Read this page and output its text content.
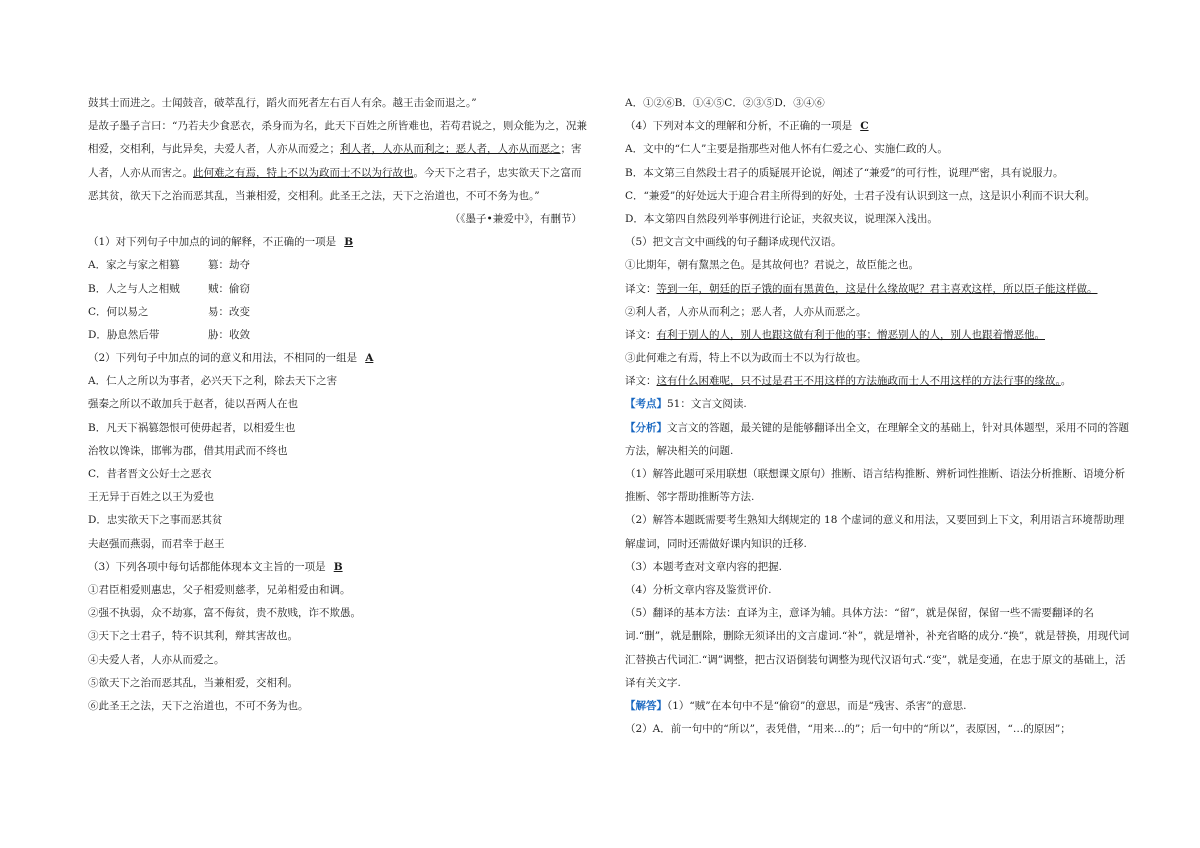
鼓其士而进之。士闻鼓音，破萃乱行，蹈火而死者左右百人有余。越王击金而退之。”
是故子墨子言曰：“乃若夫少食恶衣，杀身而为名，此天下百姓之所皆难也，若苟君说之，则众能为之，况兼
相爱，交相利，与此异矣，夫爱人者，人亦从而爱之；利人者，人亦从而利之；恶人者，人亦从而恶之；害
人者，人亦从而害之。此何难之有焉，特上不以为政而士不以为行故也。今天下之君子，忠实欲天下之富而
恶其贫，欲天下之治而恶其乱，当兼相爱，交相利。此圣王之法，天下之治道也，不可不务为也。”
（《墨子•兼爱中》，有删节）
（1）对下列句子中加点的词的解释，不正确的一项是 B
A．家之与家之相篡	篡：劫夺
B．人之与人之相贼	贼：偷窃
C．何以易之	易：改变
D．胁息然后带	胁：收敛
（2）下列句子中加点的词的意义和用法，不相同的一组是 A
A．仁人之所以为事者，必兴天下之利，除去天下之害
强秦之所以不敢加兵于赵者，徒以吾两人在也
B．凡天下祸篡怨恨可使毋起者，以相爱生也
治牧以馋诛，邯郸为郡，借其用武而不终也
C．昔者晋文公好士之恶衣
王无异于百姓之以王为爱也
D．忠实欲天下之事而恶其贫
夫赵强而燕弱，而君幸于赵王
（3）下列各项中每句话都能体现本文主旨的一项是 B
①君臣相爱则惠忠，父子相爱则慈孝，兄弟相爱由和调。
②强不执弱，众不劫寡，富不侮贫，贵不敖贱，诈不欺愚。
③天下之士君子，特不识其利，辩其害故也。
④夫爱人者，人亦从而爱之。
⑤欲天下之治而恶其乱，当兼相爱，交相利。
⑥此圣王之法，天下之治道也，不可不务为也。
A．①②⑥B．①④⑤C．②③⑤D．③④⑥
（4）下列对本文的理解和分析，不正确的一项是 C
A．文中的“仁人”主要是指那些对他人怀有仁爱之心、实施仁政的人。
B．本文第三自然段士君子的质疑展开论说，阐述了“兼爱”的可行性，说理严密，具有说服力。
C．“兼爱”的好处远大于迎合君主所得到的好处，士君子没有认识到这一点，这是识小利而不识大利。
D．本文第四自然段列举事例进行论证，夹叙夹议，说理深入浅出。
（5）把文言文中画线的句子翻译成现代汉语。
①比期年，朝有黧黑之色。是其故何也？君说之，故臣能之也。
译文：等到一年，朝廷的臣子饿的面有黑黄色，这是什么缘故呢？君主喜欢这样，所以臣子能这样做。
②利人者，人亦从而利之；恶人者，人亦从而恶之。
译文：有利于别人的人，别人也跟这做有利于他的事；憎恶别人的人，别人也跟着憎恶他。
③此何难之有焉，特上不以为政而士不以为行故也。
译文：这有什么困难呢，只不过是君王不用这样的方法施政而士人不用这样的方法行事的缘故。。
【考点】51：文言文阅读.
【分析】文言文的答题，最关键的是能够翻译出全文，在理解全文的基础上，针对具体题型，采用不同的答题方法，解决相关的问题.
（1）解答此题可采用联想（联想课文原句）推断、语言结构推断、辨析词性推断、语法分析推断、语境分析推断、邻字帮助推断等方法.
（2）解答本题既需要考生熟知大纲规定的 18 个虚词的意义和用法，又要回到上下文，利用语言环境帮助理解虚词，同时还需做好课内知识的迁移.
（3）本题考查对文章内容的把握.
（4）分析文章内容及鉴赏评价.
（5）翻译的基本方法：直译为主，意译为辅。具体方法：“留”，就是保留，保留一些不需要翻译的名词.“删”，就是删除，删除无须译出的文言虚词.“补”，就是增补，补充省略的成分.“换”，就是替换，用现代词汇替换古代词汇.“调”调整，把古汉语倒装句调整为现代汉语句式.“变”，就是变通，在忠于原文的基础上，活译有关文字.
【解答】（1）“贼”在本句中不是“偷窃”的意思，而是“残害、杀害”的意思.
（2）A．前一句中的“所以”，表凭借，“用来…的”；后一句中的“所以”，表原因，“…的原因”；
